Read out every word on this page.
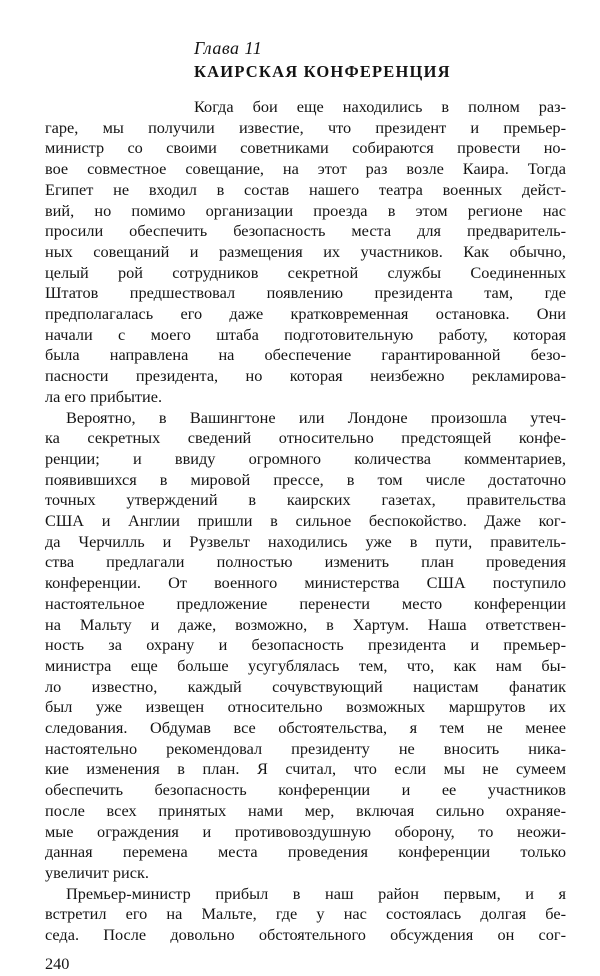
Глава 11
КАИРСКАЯ КОНФЕРЕНЦИЯ
Когда бои еще находились в полном раз-
гаре, мы получили известие, что президент и премьер-
министр со своими советниками собираются провести но-
вое совместное совещание, на этот раз возле Каира. Тогда
Египет не входил в состав нашего театра военных дейст-
вий, но помимо организации проезда в этом регионе нас
просили обеспечить безопасность места для предваритель-
ных совещаний и размещения их участников. Как обычно,
целый рой сотрудников секретной службы Соединенных
Штатов предшествовал появлению президента там, где
предполагалась его даже кратковременная остановка. Они
начали с моего штаба подготовительную работу, которая
была направлена на обеспечение гарантированной безо-
пасности президента, но которая неизбежно рекламирова-
ла его прибытие.
Вероятно, в Вашингтоне или Лондоне произошла утеч-
ка секретных сведений относительно предстоящей конфе-
ренции; и ввиду огромного количества комментариев,
появившихся в мировой прессе, в том числе достаточно
точных утверждений в каирских газетах, правительства
США и Англии пришли в сильное беспокойство. Даже ког-
да Черчилль и Рузвельт находились уже в пути, правитель-
ства предлагали полностью изменить план проведения
конференции. От военного министерства США поступило
настоятельное предложение перенести место конференции
на Мальту и даже, возможно, в Хартум. Наша ответствен-
ность за охрану и безопасность президента и премьер-
министра еще больше усугублялась тем, что, как нам бы-
ло известно, каждый сочувствующий нацистам фанатик
был уже извещен относительно возможных маршрутов их
следования. Обдумав все обстоятельства, я тем не менее
настоятельно рекомендовал президенту не вносить ника-
кие изменения в план. Я считал, что если мы не сумеем
обеспечить безопасность конференции и ее участников
после всех принятых нами мер, включая сильно охраняе-
мые ограждения и противовоздушную оборону, то неожи-
данная перемена места проведения конференции только
увеличит риск.
Премьер-министр прибыл в наш район первым, и я
встретил его на Мальте, где у нас состоялась долгая бе-
седа. После довольно обстоятельного обсуждения он сог-
240
